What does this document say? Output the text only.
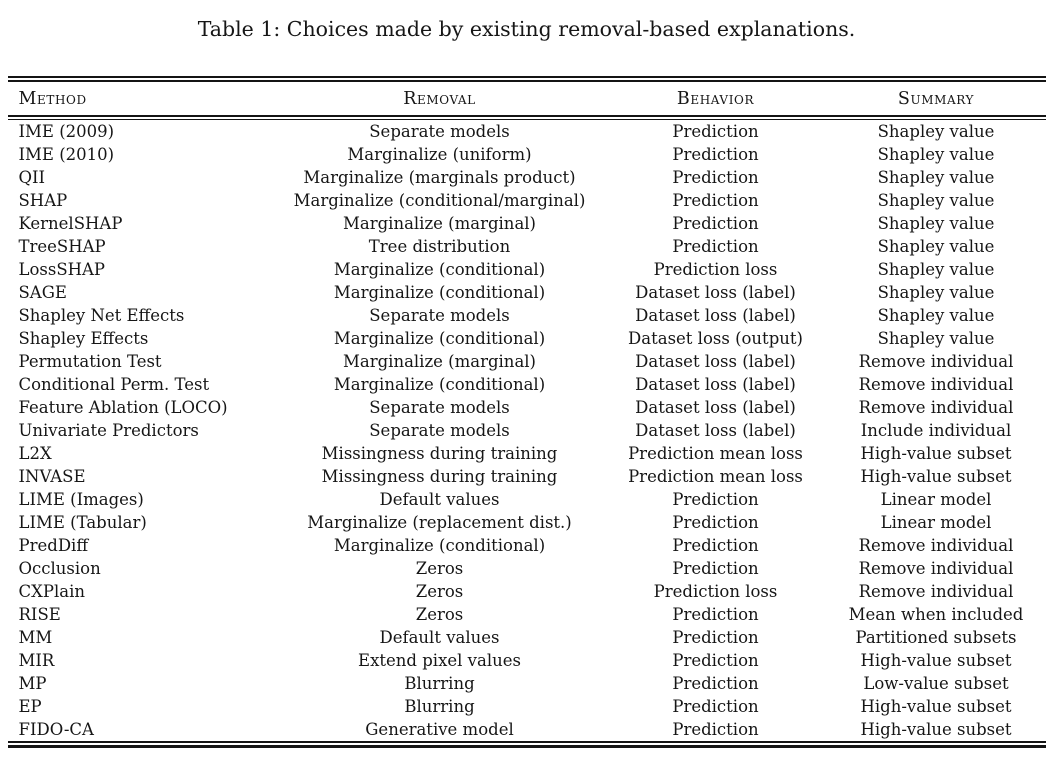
Table 1: Choices made by existing removal-based explanations.
Method	Removal	Behavior	Summary
IME (2009)	Separate models	Prediction	Shapley value
IME (2010)	Marginalize (uniform)	Prediction	Shapley value
QII	Marginalize (marginals product)	Prediction	Shapley value
SHAP	Marginalize (conditional/marginal)	Prediction	Shapley value
KernelSHAP	Marginalize (marginal)	Prediction	Shapley value
TreeSHAP	Tree distribution	Prediction	Shapley value
LossSHAP	Marginalize (conditional)	Prediction loss	Shapley value
SAGE	Marginalize (conditional)	Dataset loss (label)	Shapley value
Shapley Net Effects	Separate models	Dataset loss (label)	Shapley value
Shapley Effects	Marginalize (conditional)	Dataset loss (output)	Shapley value
Permutation Test	Marginalize (marginal)	Dataset loss (label)	Remove individual
Conditional Perm. Test	Marginalize (conditional)	Dataset loss (label)	Remove individual
Feature Ablation (LOCO)	Separate models	Dataset loss (label)	Remove individual
Univariate Predictors	Separate models	Dataset loss (label)	Include individual
L2X	Missingness during training	Prediction mean loss	High-value subset
INVASE	Missingness during training	Prediction mean loss	High-value subset
LIME (Images)	Default values	Prediction	Linear model
LIME (Tabular)	Marginalize (replacement dist.)	Prediction	Linear model
PredDiff	Marginalize (conditional)	Prediction	Remove individual
Occlusion	Zeros	Prediction	Remove individual
CXPlain	Zeros	Prediction loss	Remove individual
RISE	Zeros	Prediction	Mean when included
MM	Default values	Prediction	Partitioned subsets
MIR	Extend pixel values	Prediction	High-value subset
MP	Blurring	Prediction	Low-value subset
EP	Blurring	Prediction	High-value subset
FIDO-CA	Generative model	Prediction	High-value subset
